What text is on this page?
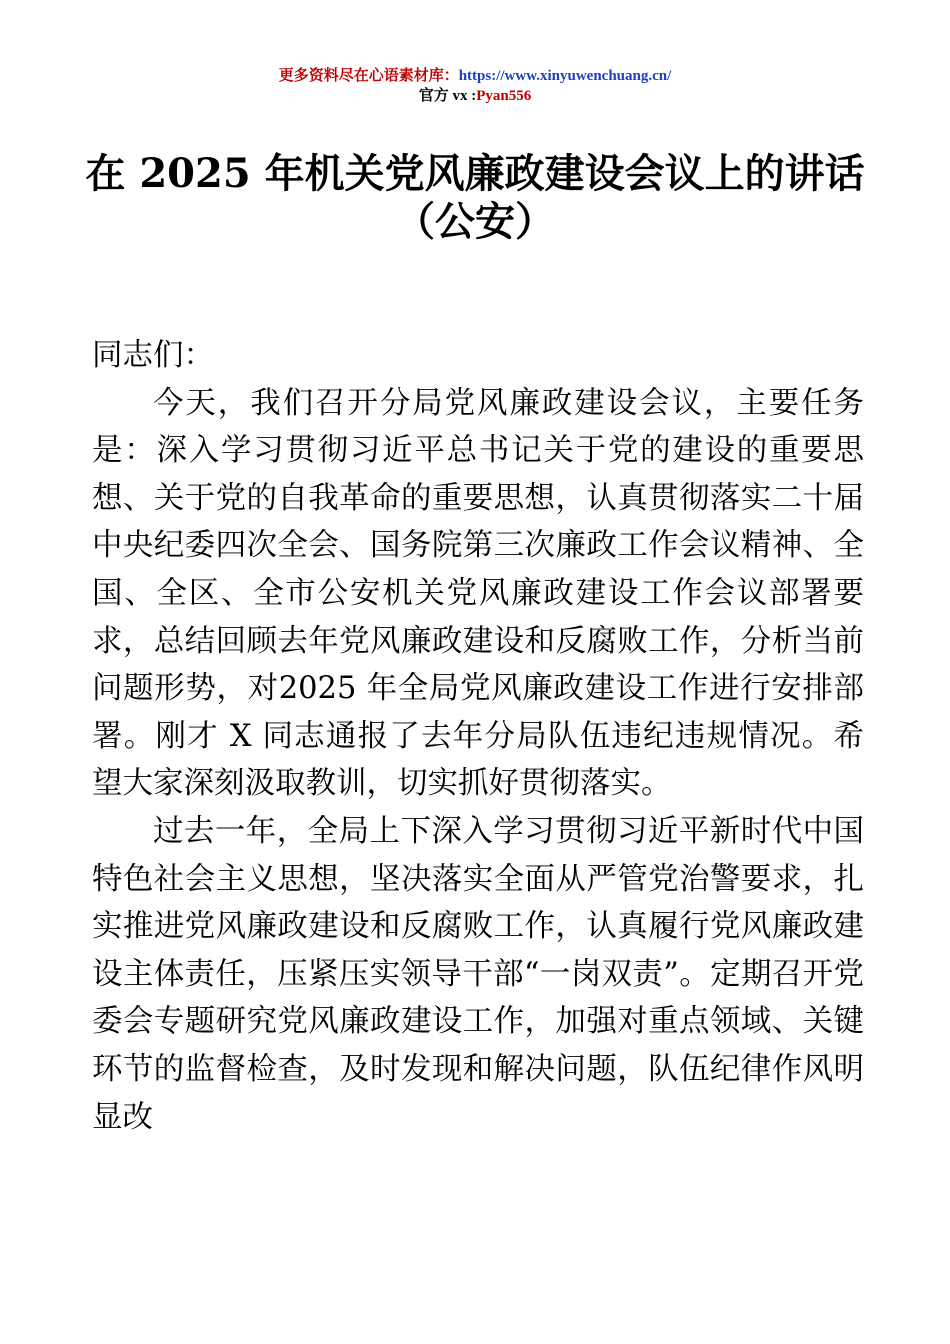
更多资料尽在心语素材库：https://www.xinyuwenchuang.cn/
官方 vx :Pyan556
在 2025 年机关党风廉政建设会议上的讲话
（公安）

同志们：

今天，我们召开分局党风廉政建设会议，主要任务是：深入学习贯彻习近平总书记关于党的建设的重要思想、关于党的自我革命的重要思想，认真贯彻落实二十届中央纪委四次全会、国务院第三次廉政工作会议精神、全国、全区、全市公安机关党风廉政建设工作会议部署要求，总结回顾去年党风廉政建设和反腐败工作，分析当前问题形势，对2025 年全局党风廉政建设工作进行安排部署。刚才 X 同志通报了去年分局队伍违纪违规情况。希望大家深刻汲取教训，切实抓好贯彻落实。

过去一年，全局上下深入学习贯彻习近平新时代中国特色社会主义思想，坚决落实全面从严管党治警要求，扎实推进党风廉政建设和反腐败工作，认真履行党风廉政建设主体责任，压紧压实领导干部“一岗双责”。定期召开党委会专题研究党风廉政建设工作，加强对重点领域、关键环节的监督检查，及时发现和解决问题，队伍纪律作风明显改
